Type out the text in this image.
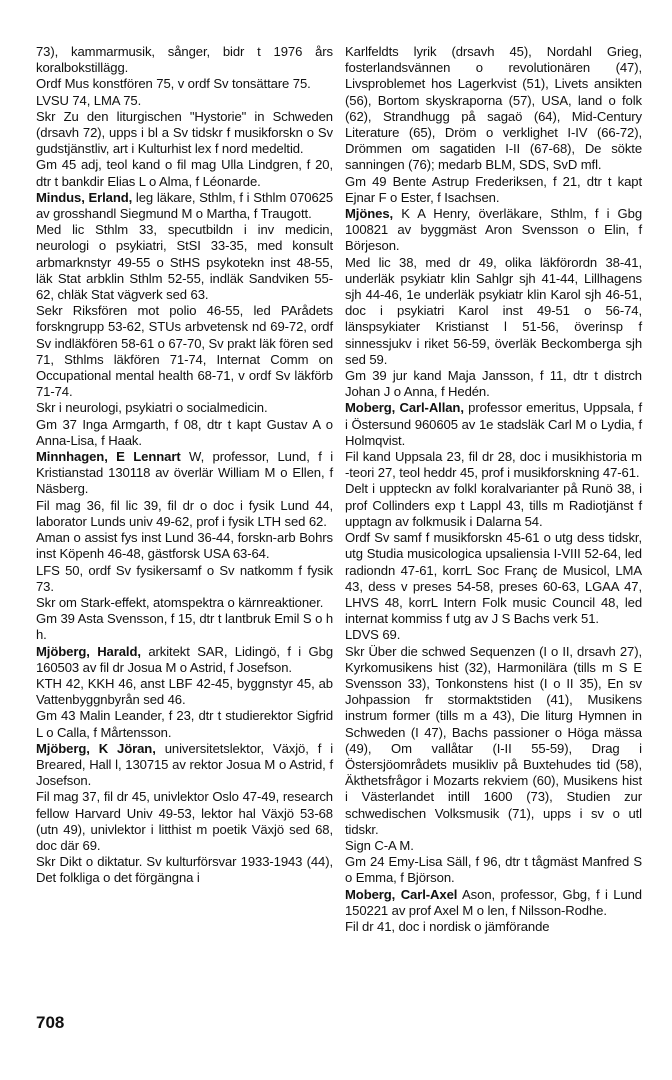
73), kammarmusik, sånger, bidr t 1976 års koralbokstillägg.

Ordf Mus konstfören 75, v ordf Sv tonsättare 75.

LVSU 74, LMA 75.

Skr Zu den liturgischen "Hystorie" in Schweden (drsavh 72), upps i bl a Sv tidskr f musikforskn o Sv gudstjänstliv, art i Kulturhist lex f nord medeltid.

Gm 45 adj, teol kand o fil mag Ulla Lindgren, f 20, dtr t bankdir Elias L o Alma, f Léonarde.

Mindus, Erland, leg läkare, Sthlm, f i Sthlm 070625 av grosshandl Siegmund M o Martha, f Traugott.

Med lic Sthlm 33, specutbildn i inv medicin, neurologi o psykiatri, StSI 33-35, med konsult arbmarknstyr 49-55 o StHS psykotekn inst 48-55, läk Stat arbklin Sthlm 52-55, indläk Sandviken 55-62, chläk Stat vägverk sed 63.

Sekr Riksfören mot polio 46-55, led PArådets forskngrupp 53-62, STUs arbvetensk nd 69-72, ordf Sv indläkfören 58-61 o 67-70, Sv prakt läk fören sed 71, Sthlms läkfören 71-74, Internat Comm on Occupational mental health 68-71, v ordf Sv läkförb 71-74.

Skr i neurologi, psykiatri o socialmedicin.

Gm 37 Inga Armgarth, f 08, dtr t kapt Gustav A o Anna-Lisa, f Haak.

Minnhagen, E Lennart W, professor, Lund, f i Kristianstad 130118 av överlär William M o Ellen, f Näsberg.

Fil mag 36, fil lic 39, fil dr o doc i fysik Lund 44, laborator Lunds univ 49-62, prof i fysik LTH sed 62.

Aman o assist fys inst Lund 36-44, forskn-arb Bohrs inst Köpenh 46-48, gästforsk USA 63-64.

LFS 50, ordf Sv fysikersamf o Sv natkomm f fysik 73.

Skr om Stark-effekt, atomspektra o kärnreaktioner.

Gm 39 Asta Svensson, f 15, dtr t lantbruk Emil S o h h.

Mjöberg, Harald, arkitekt SAR, Lidingö, f i Gbg 160503 av fil dr Josua M o Astrid, f Josefson.

KTH 42, KKH 46, anst LBF 42-45, byggnstyr 45, ab Vattenbyggnbyrån sed 46.

Gm 43 Malin Leander, f 23, dtr t studierektor Sigfrid L o Calla, f Mårtensson.

Mjöberg, K Jöran, universitetslektor, Växjö, f i Breared, Hall l, 130715 av rektor Josua M o Astrid, f Josefson.

Fil mag 37, fil dr 45, univlektor Oslo 47-49, research fellow Harvard Univ 49-53, lektor hal Växjö 53-68 (utn 49), univlektor i litthist m poetik Växjö sed 68, doc där 69.

Skr Dikt o diktatur. Sv kulturförsvar 1933-1943 (44), Det folkliga o det förgängna i

Karlfeldts lyrik (drsavh 45), Nordahl Grieg, fosterlandsvännen o revolutionären (47), Livsproblemet hos Lagerkvist (51), Livets ansikten (56), Bortom skyskraporna (57), USA, land o folk (62), Strandhugg på sagaö (64), Mid-Century Literature (65), Dröm o verklighet I-IV (66-72), Drömmen om sagatiden I-II (67-68), De sökte sanningen (76); medarb BLM, SDS, SvD mfl.

Gm 49 Bente Astrup Frederiksen, f 21, dtr t kapt Ejnar F o Ester, f Isachsen.

Mjönes, K A Henry, överläkare, Sthlm, f i Gbg 100821 av byggmäst Aron Svensson o Elin, f Börjeson.

Med lic 38, med dr 49, olika läkförordn 38-41, underläk psykiatr klin Sahlgr sjh 41-44, Lillhagens sjh 44-46, 1e underläk psykiatr klin Karol sjh 46-51, doc i psykiatri Karol inst 49-51 o 56-74, länspsykiater Kristianst l 51-56, överinsp f sinnessjukv i riket 56-59, överläk Beckomberga sjh sed 59.

Gm 39 jur kand Maja Jansson, f 11, dtr t distrch Johan J o Anna, f Hedén.

Moberg, Carl-Allan, professor emeritus, Uppsala, f i Östersund 960605 av 1e stadsläk Carl M o Lydia, f Holmqvist.

Fil kand Uppsala 23, fil dr 28, doc i musikhistoria m -teori 27, teol heddr 45, prof i musikforskning 47-61.

Delt i uppteckn av folkl koralvarianter på Runö 38, i prof Collinders exp t Lappl 43, tills m Radiotjänst f upptagn av folkmusik i Dalarna 54.

Ordf Sv samf f musikforskn 45-61 o utg dess tidskr, utg Studia musicologica upsaliensia I-VIII 52-64, led radiondn 47-61, korrL Soc Franç de Musicol, LMA 43, dess v preses 54-58, preses 60-63, LGAA 47, LHVS 48, korrL Intern Folk music Council 48, led internat kommiss f utg av J S Bachs verk 51.

LDVS 69.

Skr Über die schwed Sequenzen (I o II, drsavh 27), Kyrkomusikens hist (32), Harmonilära (tills m S E Svensson 33), Tonkonstens hist (I o II 35), En sv Johpassion fr stormaktstiden (41), Musikens instrum former (tills m a 43), Die liturg Hymnen in Schweden (I 47), Bachs passioner o Höga mässa (49), Om vallåtar (I-II 55-59), Drag i Östersjöområdets musikliv på Buxtehudes tid (58), Äkthetsfrågor i Mozarts rekviem (60), Musikens hist i Västerlandet intill 1600 (73), Studien zur schwedischen Volksmusik (71), upps i sv o utl tidskr.

Sign C-A M.

Gm 24 Emy-Lisa Säll, f 96, dtr t tågmäst Manfred S o Emma, f Björson.

Moberg, Carl-Axel Ason, professor, Gbg, f i Lund 150221 av prof Axel M o len, f Nilsson-Rodhe.

Fil dr 41, doc i nordisk o jämförande

708
